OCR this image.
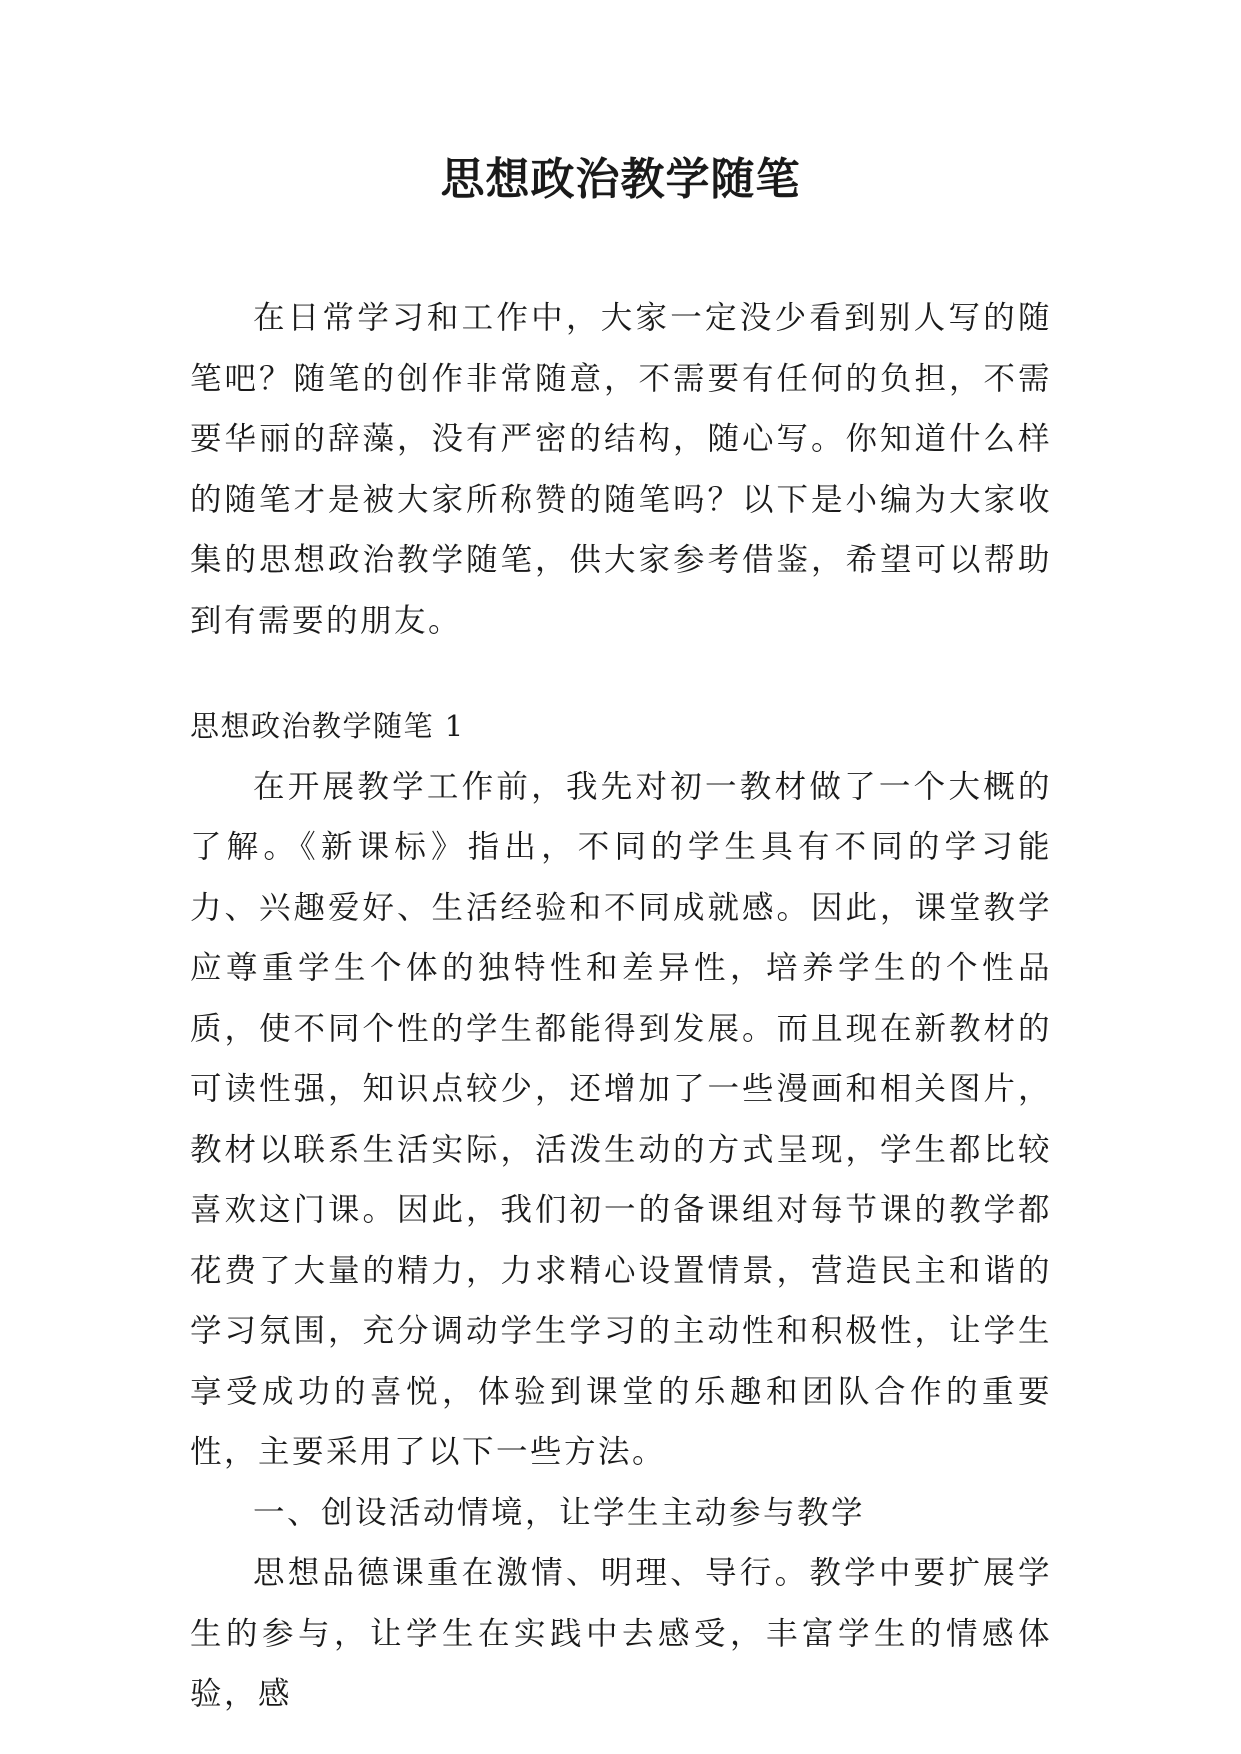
思想政治教学随笔

在日常学习和工作中，大家一定没少看到别人写的随笔吧？随笔的创作非常随意，不需要有任何的负担，不需要华丽的辞藻，没有严密的结构，随心写。你知道什么样的随笔才是被大家所称赞的随笔吗？以下是小编为大家收集的思想政治教学随笔，供大家参考借鉴，希望可以帮助到有需要的朋友。

思想政治教学随笔 1

在开展教学工作前，我先对初一教材做了一个大概的了解。《新课标》指出，不同的学生具有不同的学习能力、兴趣爱好、生活经验和不同成就感。因此，课堂教学应尊重学生个体的独特性和差异性，培养学生的个性品质，使不同个性的学生都能得到发展。而且现在新教材的可读性强，知识点较少，还增加了一些漫画和相关图片，教材以联系生活实际，活泼生动的方式呈现，学生都比较喜欢这门课。因此，我们初一的备课组对每节课的教学都花费了大量的精力，力求精心设置情景，营造民主和谐的学习氛围，充分调动学生学习的主动性和积极性，让学生享受成功的喜悦，体验到课堂的乐趣和团队合作的重要性，主要采用了以下一些方法。

一、创设活动情境，让学生主动参与教学

思想品德课重在激情、明理、导行。教学中要扩展学生的参与，让学生在实践中去感受，丰富学生的情感体验，感
